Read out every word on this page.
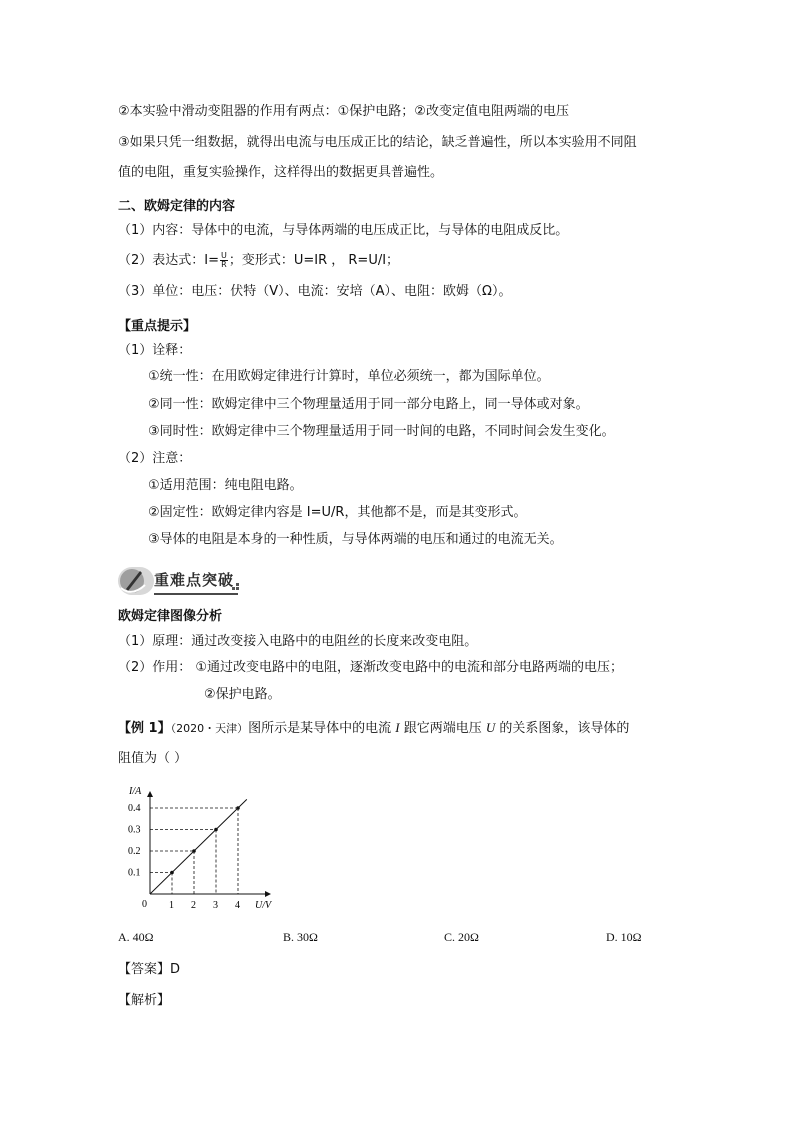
②本实验中滑动变阻器的作用有两点：①保护电路；②改变定值电阻两端的电压
③如果只凭一组数据，就得出电流与电压成正比的结论，缺乏普遍性，所以本实验用不同阻
值的电阻，重复实验操作，这样得出的数据更具普遍性。
二、欧姆定律的内容
（1）内容：导体中的电流，与导体两端的电压成正比，与导体的电阻成反比。
（2）表达式：$I= \frac{U}{R}$ ；变形式：U=IR ， R=U/I；
（3）单位：电压：伏特（V）、电流：安培（A）、电阻：欧姆（Ω）。
【重点提示】
（1）诠释：
①统一性：在用欧姆定律进行计算时，单位必须统一，都为国际单位。
②同一性：欧姆定律中三个物理量适用于同一部分电路上，同一导体或对象。
③同时性：欧姆定律中三个物理量适用于同一时间的电路，不同时间会发生变化。
（2）注意：
①适用范围：纯电阻电路。
②固定性：欧姆定律内容是 I=U/R，其他都不是，而是其变形式。
③导体的电阻是本身的一种性质，与导体两端的电压和通过的电流无关。
重难点突破
欧姆定律图像分析
（1）原理：通过改变接入电路中的电阻丝的长度来改变电阻。
（2）作用： ①通过改变电路中的电阻，逐渐改变电路中的电流和部分电路两端的电压；
②保护电路。
【例 1】（2020・天津）图所示是某导体中的电流 I 跟它两端电压 U 的关系图象，该导体的
阻值为（ ）
I/A
U/V
0 1 2 3 4
0.1
0.2
0.3
0.4
A. 40Ω	B. 30Ω	C. 20Ω	D. 10Ω
【答案】D
【解析】
